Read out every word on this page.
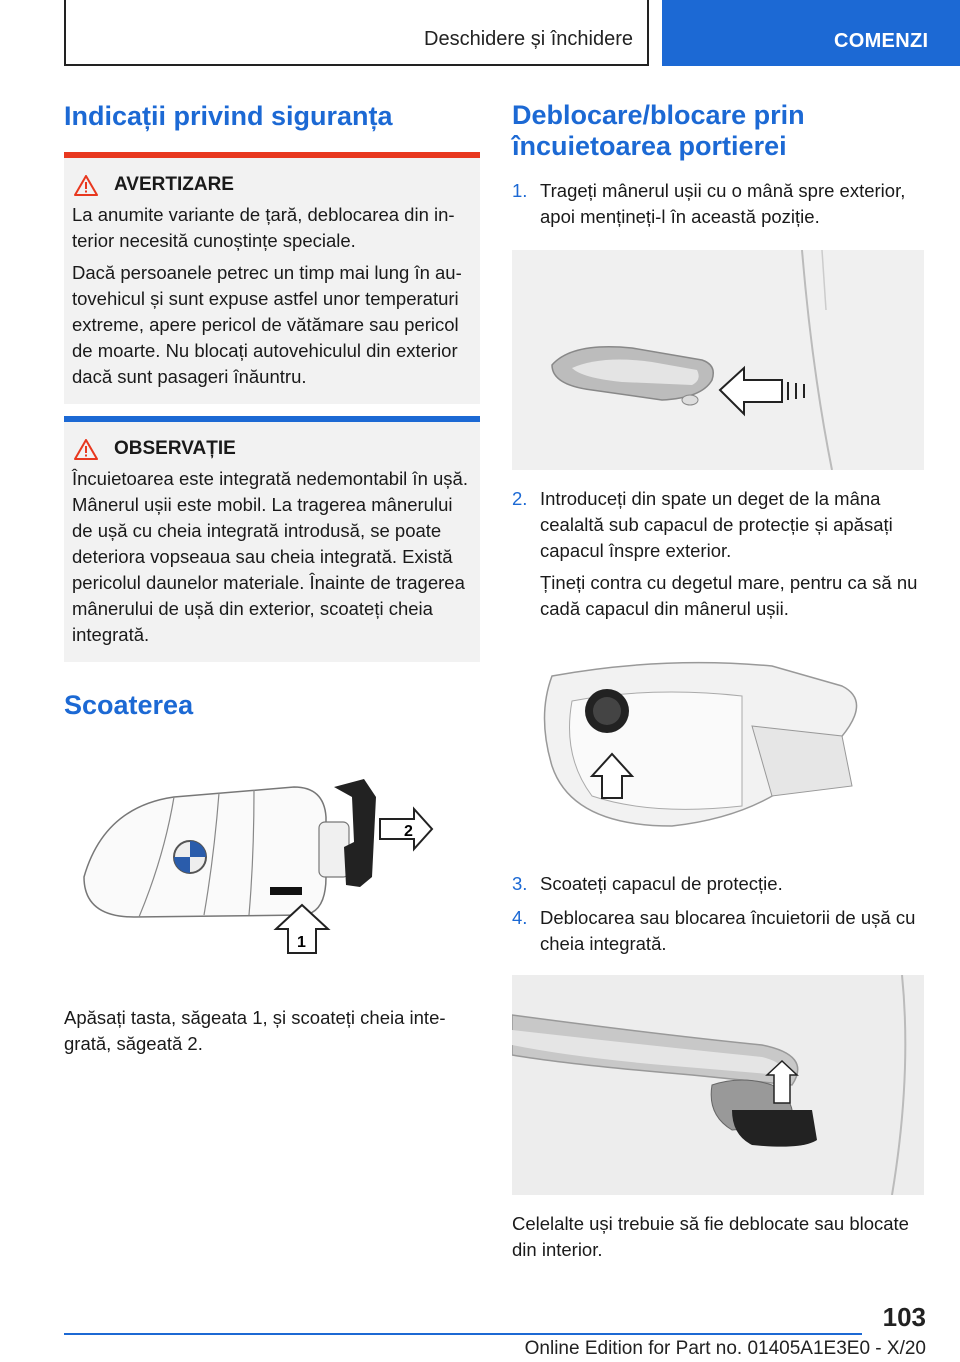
Deschidere și închidere	COMENZI
Indicații privind siguranța
AVERTIZARE

La anumite variante de țară, deblocarea din interior necesită cunoștințe speciale.

Dacă persoanele petrec un timp mai lung în autovehicul și sunt expuse astfel unor temperaturi extreme, apere pericol de vătămare sau pericol de moarte. Nu blocați autovehiculul din exterior dacă sunt pasageri înăuntru.

OBSERVAȚIE

Încuietoarea este integrată nedemontabil în ușă. Mânerul ușii este mobil. La tragerea mânerului de ușă cu cheia integrată introdusă, se poate deteriora vopseaua sau cheia integrată. Există pericolul daunelor materiale. Înainte de tragerea mânerului de ușă din exterior, scoateți cheia integrată.

Scoaterea
2
1

Apăsați tasta, săgeata 1, și scoateți cheia integrată, săgeată 2.

Deblocare/blocare prin încuietoarea portierei
1. Trageți mânerul ușii cu o mână spre exterior, apoi mențineți-l în această poziție.

2. Introduceți din spate un deget de la mâna cealaltă sub capacul de protecție și apăsați capacul înspre exterior.

Țineți contra cu degetul mare, pentru ca să nu cadă capacul din mânerul ușii.

3. Scoateți capacul de protecție.

4. Deblocarea sau blocarea încuietorii de ușă cu cheia integrată.

Celelalte uși trebuie să fie deblocate sau blocate din interior.

103
Online Edition for Part no. 01405A1E3E0 - X/20
